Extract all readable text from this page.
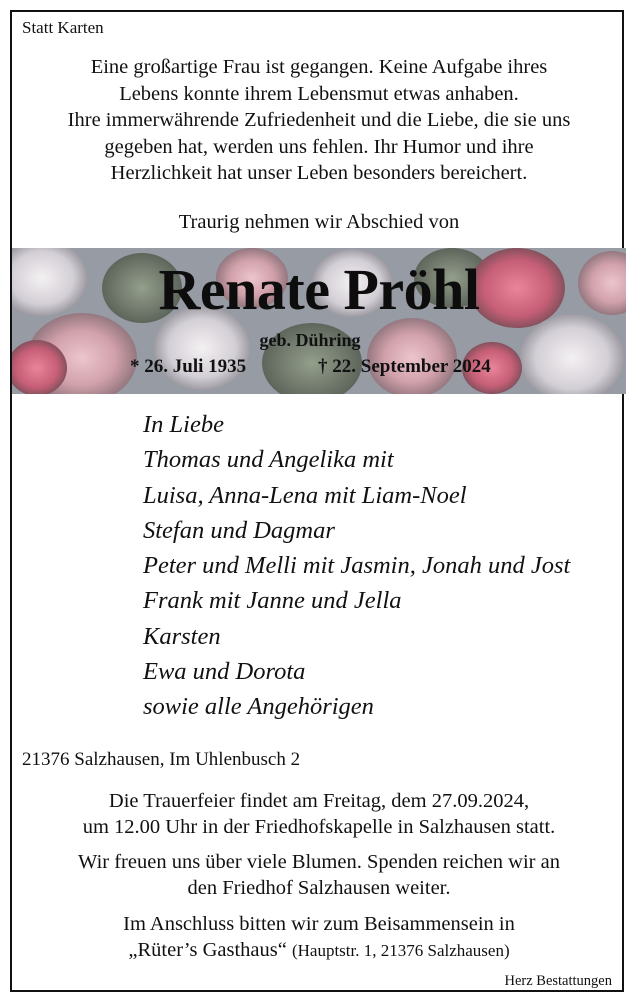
Statt Karten
Eine großartige Frau ist gegangen. Keine Aufgabe ihres
Lebens konnte ihrem Lebensmut etwas anhaben.
Ihre immerwährende Zufriedenheit und die Liebe, die sie uns
gegeben hat, werden uns fehlen. Ihr Humor und ihre
Herzlichkeit hat unser Leben besonders bereichert.
Traurig nehmen wir Abschied von
Renate Pröhl
geb. Dühring
* 26. Juli 1935	† 22. September 2024
In Liebe
Thomas und Angelika mit
Luisa, Anna-Lena mit Liam-Noel
Stefan und Dagmar
Peter und Melli mit Jasmin, Jonah und Jost
Frank mit Janne und Jella
Karsten
Ewa und Dorota
sowie alle Angehörigen
21376 Salzhausen, Im Uhlenbusch 2
Die Trauerfeier findet am Freitag, dem 27.09.2024,
um 12.00 Uhr in der Friedhofskapelle in Salzhausen statt.
Wir freuen uns über viele Blumen. Spenden reichen wir an
den Friedhof Salzhausen weiter.
Im Anschluss bitten wir zum Beisammensein in
„Rüter’s Gasthaus“ (Hauptstr. 1, 21376 Salzhausen)
Herz Bestattungen
